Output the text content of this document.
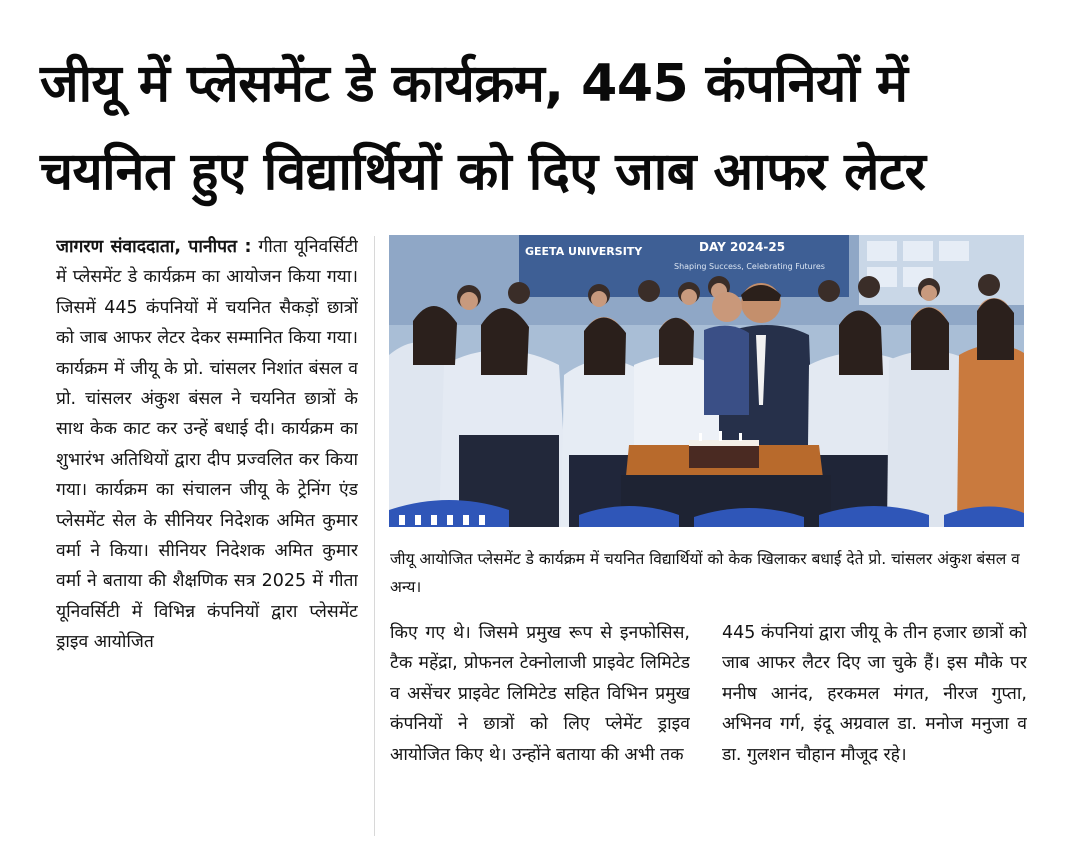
जीयू में प्लेसमेंट डे कार्यक्रम, 445 कंपनियों में
चयनित हुए विद्यार्थियों को दिए जाब आफर लेटर
जागरण संवाददाता, पानीपत : गीता यूनिवर्सिटी में प्लेसमेंट डे कार्यक्रम का आयोजन किया गया। जिसमें 445 कंपनियों में चयनित सैकड़ों छात्रों को जाब आफर लेटर देकर सम्मानित किया गया। कार्यक्रम में जीयू के प्रो. चांसलर निशांत बंसल व प्रो. चांसलर अंकुश बंसल ने चयनित छात्रों के साथ केक काट कर उन्हें बधाई दी। कार्यक्रम का शुभारंभ अतिथियों द्वारा दीप प्रज्वलित कर किया गया। कार्यक्रम का संचालन जीयू के ट्रेनिंग एंड प्लेसमेंट सेल के सीनियर निदेशक अमित कुमार वर्मा ने किया। सीनियर निदेशक अमित कुमार वर्मा ने बताया की शैक्षणिक सत्र 2025 में गीता यूनिवर्सिटी में विभिन्न कंपनियों द्वारा प्लेसमेंट ड्राइव आयोजित
GEETA UNIVERSITY	DAY 2024-25
Shaping Success, Celebrating Futures

जीयू आयोजित प्लेसमेंट डे कार्यक्रम में चयनित विद्यार्थियों को केक खिलाकर बधाई देते प्रो. चांसलर अंकुश बंसल व अन्य।

किए गए थे। जिसमे प्रमुख रूप से इनफोसिस, टैक महेंद्रा, प्रोफनल टेक्नोलाजी प्राइवेट लिमिटेड व असेंचर प्राइवेट लिमिटेड सहित विभिन प्रमुख कंपनियों ने छात्रों को लिए प्लेमेंट ड्राइव आयोजित किए थे। उन्होंने बताया की अभी तक
445 कंपनियां द्वारा जीयू के तीन हजार छात्रों को जाब आफर लैटर दिए जा चुके हैं। इस मौके पर मनीष आनंद, हरकमल मंगत, नीरज गुप्ता, अभिनव गर्ग, इंदू अग्रवाल डा. मनोज मनुजा व डा. गुलशन चौहान मौजूद रहे।
